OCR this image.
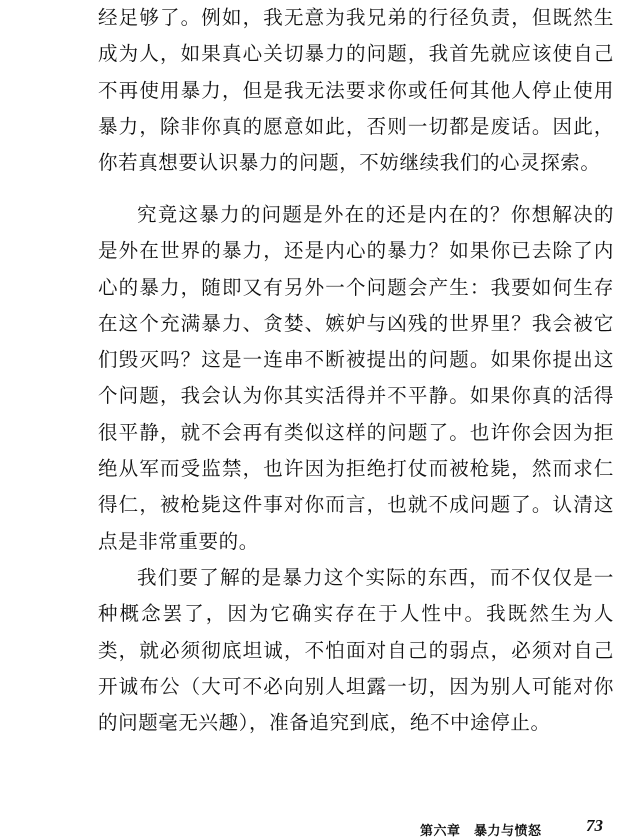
经足够了。例如，我无意为我兄弟的行径负责，但既然生成为人，如果真心关切暴力的问题，我首先就应该使自己不再使用暴力，但是我无法要求你或任何其他人停止使用暴力，除非你真的愿意如此，否则一切都是废话。因此，你若真想要认识暴力的问题，不妨继续我们的心灵探索。

究竟这暴力的问题是外在的还是内在的？你想解决的是外在世界的暴力，还是内心的暴力？如果你已去除了内心的暴力，随即又有另外一个问题会产生：我要如何生存在这个充满暴力、贪婪、嫉妒与凶残的世界里？我会被它们毁灭吗？这是一连串不断被提出的问题。如果你提出这个问题，我会认为你其实活得并不平静。如果你真的活得很平静，就不会再有类似这样的问题了。也许你会因为拒绝从军而受监禁，也许因为拒绝打仗而被枪毙，然而求仁得仁，被枪毙这件事对你而言，也就不成问题了。认清这点是非常重要的。

我们要了解的是暴力这个实际的东西，而不仅仅是一种概念罢了，因为它确实存在于人性中。我既然生为人类，就必须彻底坦诚，不怕面对自己的弱点，必须对自己开诚布公（大可不必向别人坦露一切，因为别人可能对你的问题毫无兴趣），准备追究到底，绝不中途停止。

第六章　暴力与愤怒	73
